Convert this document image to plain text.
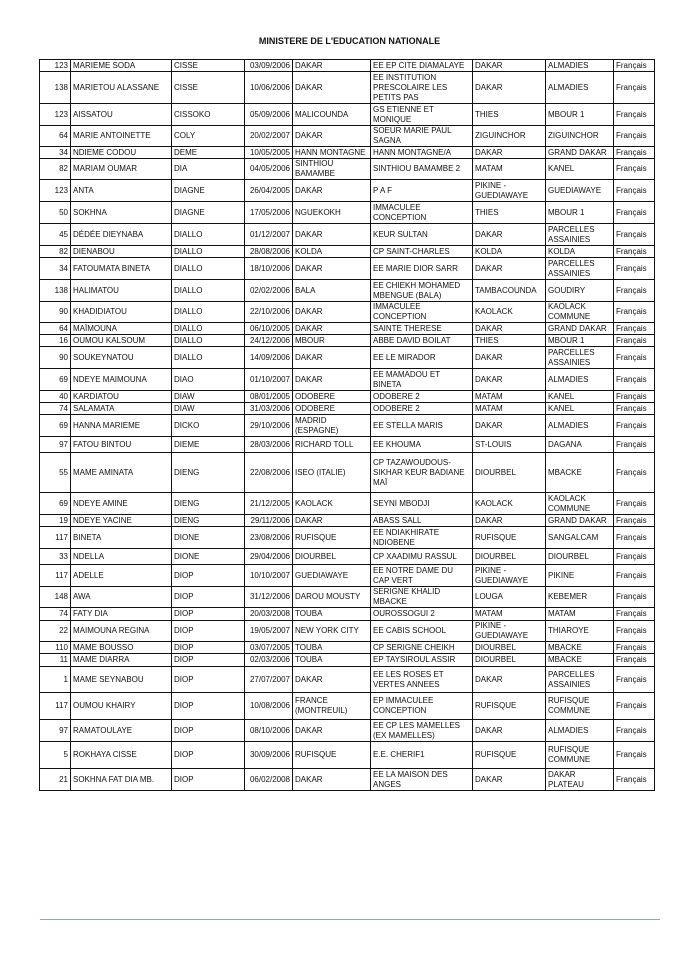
MINISTERE DE L'EDUCATION NATIONALE
123	MARIEME SODA	CISSE	03/09/2006	DAKAR	EE EP CITE DIAMALAYE	DAKAR	ALMADIES	Français
138	MARIETOU ALASSANE	CISSE	10/06/2006	DAKAR	EE INSTITUTION PRESCOLAIRE LES PETITS PAS	DAKAR	ALMADIES	Français
123	AISSATOU	CISSOKO	05/09/2006	MALICOUNDA	GS ETIENNE ET MONIQUE	THIES	MBOUR 1	Français
64	MARIE ANTOINETTE	COLY	20/02/2007	DAKAR	SOEUR MARIE PAUL SAGNA	ZIGUINCHOR	ZIGUINCHOR	Français
34	NDIEME CODOU	DEME	10/05/2005	HANN MONTAGNE	HANN MONTAGNE/A	DAKAR	GRAND DAKAR	Français
82	MARIAM OUMAR	DIA	04/05/2006	SINTHIOU BAMAMBE	SINTHIOU BAMAMBE 2	MATAM	KANEL	Français
123	ANTA	DIAGNE	26/04/2005	DAKAR	P A F	PIKINE - GUEDIAWAYE	GUEDIAWAYE	Français
50	SOKHNA	DIAGNE	17/05/2006	NGUEKOKH	IMMACULEE CONCEPTION	THIES	MBOUR 1	Français
45	DÉDÉE DIEYNABA	DIALLO	01/12/2007	DAKAR	KEUR SULTAN	DAKAR	PARCELLES ASSAINIES	Français
82	DIENABOU	DIALLO	28/08/2006	KOLDA	CP SAINT-CHARLES	KOLDA	KOLDA	Français
34	FATOUMATA BINETA	DIALLO	18/10/2006	DAKAR	EE MARIE DIOR SARR	DAKAR	PARCELLES ASSAINIES	Français
138	HALIMATOU	DIALLO	02/02/2006	BALA	EE CHIEKH MOHAMED MBENGUE (BALA)	TAMBACOUNDA	GOUDIRY	Français
90	KHADIDIATOU	DIALLO	22/10/2006	DAKAR	IMMACULEE CONCEPTION	KAOLACK	KAOLACK COMMUNE	Français
64	MAÏMOUNA	DIALLO	06/10/2005	DAKAR	SAINTE THERESE	DAKAR	GRAND DAKAR	Français
16	OUMOU KALSOUM	DIALLO	24/12/2006	MBOUR	ABBE DAVID BOILAT	THIES	MBOUR 1	Français
90	SOUKEYNATOU	DIALLO	14/09/2006	DAKAR	EE LE MIRADOR	DAKAR	PARCELLES ASSAINIES	Français
69	NDEYE MAIMOUNA	DIAO	01/10/2007	DAKAR	EE MAMADOU ET BINETA	DAKAR	ALMADIES	Français
40	KARDIATOU	DIAW	08/01/2005	ODOBERE	ODOBERE 2	MATAM	KANEL	Français
74	SALAMATA	DIAW	31/03/2006	ODOBERE	ODOBERE 2	MATAM	KANEL	Français
69	HANNA MARIEME	DICKO	29/10/2006	MADRID (ESPAGNE)	EE STELLA MARIS	DAKAR	ALMADIES	Français
97	FATOU BINTOU	DIEME	28/03/2006	RICHARD TOLL	EE KHOUMA	ST-LOUIS	DAGANA	Français
55	MAME AMINATA	DIENG	22/08/2006	ISEO (ITALIE)	CP TAZAWOUDOUS-SIKHAR KEUR BADIANE MAÏ	DIOURBEL	MBACKE	Français
69	NDEYE AMINE	DIENG	21/12/2005	KAOLACK	SEYNI MBODJI	KAOLACK	KAOLACK COMMUNE	Français
19	NDEYE YACINE	DIENG	29/11/2006	DAKAR	ABASS SALL	DAKAR	GRAND DAKAR	Français
117	BINETA	DIONE	23/08/2006	RUFISQUE	EE NDIAKHIRATE NDIOBENE	RUFISQUE	SANGALCAM	Français
33	NDELLA	DIONE	29/04/2006	DIOURBEL	CP XAADIMU RASSUL	DIOURBEL	DIOURBEL	Français
117	ADELLE	DIOP	10/10/2007	GUEDIAWAYE	EE NOTRE DAME DU CAP VERT	PIKINE - GUEDIAWAYE	PIKINE	Français
148	AWA	DIOP	31/12/2006	DAROU MOUSTY	SERIGNE KHALID MBACKE	LOUGA	KEBEMER	Français
74	FATY DIA	DIOP	20/03/2008	TOUBA	OUROSSOGUI 2	MATAM	MATAM	Français
22	MAIMOUNA REGINA	DIOP	19/05/2007	NEW YORK CITY	EE CABIS SCHOOL	PIKINE - GUEDIAWAYE	THIAROYE	Français
110	MAME BOUSSO	DIOP	03/07/2005	TOUBA	CP SERIGNE CHEIKH	DIOURBEL	MBACKE	Français
11	MAME DIARRA	DIOP	02/03/2006	TOUBA	EP TAYSIROUL ASSIR	DIOURBEL	MBACKE	Français
1	MAME SEYNABOU	DIOP	27/07/2007	DAKAR	EE LES ROSES ET VERTES ANNEES	DAKAR	PARCELLES ASSAINIES	Français
117	OUMOU KHAIRY	DIOP	10/08/2006	FRANCE (MONTREUIL)	EP IMMACULEE CONCEPTION	RUFISQUE	RUFISQUE COMMUNE	Français
97	RAMATOULAYE	DIOP	08/10/2006	DAKAR	EE CP LES MAMELLES (EX MAMELLES)	DAKAR	ALMADIES	Français
5	ROKHAYA CISSE	DIOP	30/09/2006	RUFISQUE	E.E. CHERIF1	RUFISQUE	RUFISQUE COMMUNE	Français
21	SOKHNA FAT DIA MB.	DIOP	06/02/2008	DAKAR	EE LA MAISON DES ANGES	DAKAR	DAKAR PLATEAU	Français
